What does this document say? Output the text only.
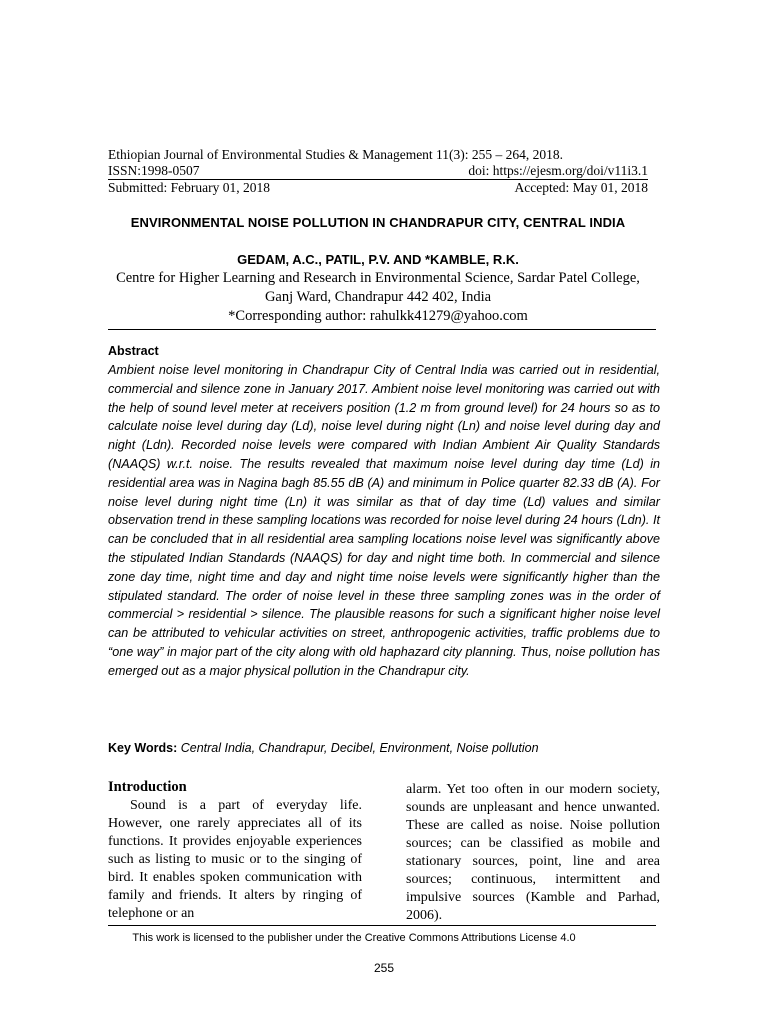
Ethiopian Journal of Environmental Studies & Management 11(3): 255 – 264, 2018.
ISSN:1998-0507	doi: https://ejesm.org/doi/v11i3.1
Submitted: February 01, 2018	Accepted: May 01, 2018
ENVIRONMENTAL NOISE POLLUTION IN CHANDRAPUR CITY, CENTRAL INDIA
GEDAM, A.C., PATIL, P.V. AND *KAMBLE, R.K.
Centre for Higher Learning and Research in Environmental Science, Sardar Patel College,
Ganj Ward, Chandrapur 442 402, India
*Corresponding author: rahulkk41279@yahoo.com
Abstract
Ambient noise level monitoring in Chandrapur City of Central India was carried out in residential, commercial and silence zone in January 2017. Ambient noise level monitoring was carried out with the help of sound level meter at receivers position (1.2 m from ground level) for 24 hours so as to calculate noise level during day (Ld), noise level during night (Ln) and noise level during day and night (Ldn). Recorded noise levels were compared with Indian Ambient Air Quality Standards (NAAQS) w.r.t. noise. The results revealed that maximum noise level during day time (Ld) in residential area was in Nagina bagh 85.55 dB (A) and minimum in Police quarter 82.33 dB (A). For noise level during night time (Ln) it was similar as that of day time (Ld) values and similar observation trend in these sampling locations was recorded for noise level during 24 hours (Ldn). It can be concluded that in all residential area sampling locations noise level was significantly above the stipulated Indian Standards (NAAQS) for day and night time both. In commercial and silence zone day time, night time and day and night time noise levels were significantly higher than the stipulated standard. The order of noise level in these three sampling zones was in the order of commercial > residential > silence. The plausible reasons for such a significant higher noise level can be attributed to vehicular activities on street, anthropogenic activities, traffic problems due to “one way” in major part of the city along with old haphazard city planning. Thus, noise pollution has emerged out as a major physical pollution in the Chandrapur city.
Key Words: Central India, Chandrapur, Decibel, Environment, Noise pollution
Introduction
Sound is a part of everyday life. However, one rarely appreciates all of its functions. It provides enjoyable experiences such as listing to music or to the singing of bird. It enables spoken communication with family and friends. It alters by ringing of telephone or an
alarm. Yet too often in our modern society, sounds are unpleasant and hence unwanted. These are called as noise. Noise pollution sources; can be classified as mobile and stationary sources, point, line and area sources; continuous, intermittent and impulsive sources (Kamble and Parhad, 2006).
This work is licensed to the publisher under the Creative Commons Attributions License 4.0
255
